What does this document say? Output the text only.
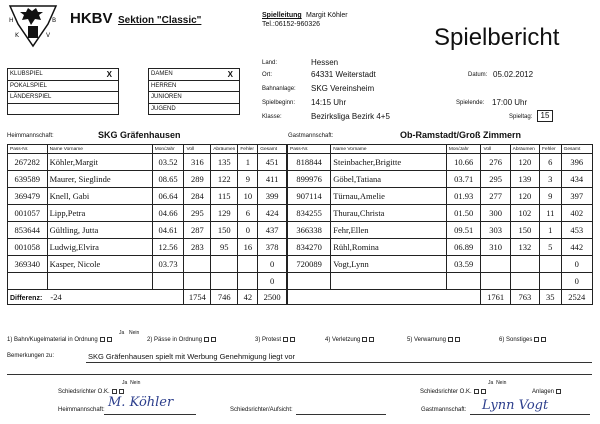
H	B
K	V
HKBV Sektion "Classic"	Spielleitung Margit Köhler
Tel.:06152-960326	Spielbericht
KLUBSPIEL	X
POKALSPIEL	
LÄNDERSPIEL	

DAMEN	X
HERREN	
JUNIOREN	
JUGEND	
Land:	Hessen
Ort:	64331 Weiterstadt	Datum: 05.02.2012
Bahnanlage: SKG Vereinsheim
Spielbeginn: 14:15 Uhr	Spielende: 17:00 Uhr
Klasse:	Bezirksliga Bezirk 4+5	Spieltag:	15
Heimmannschaft:	SKG Gräfenhausen	Gastmannschaft:	Ob-Ramstadt/Groß Zimmern
Pass-Nr.	Name Vorname	Mon/Jahr	Voll	Abräumen	Fehler	Gesamt
267282	Köhler,Margit	03.52	316	135	1	451
639589	Maurer, Sieglinde	08.65	289	122	9	411
369479	Knell, Gabi	06.64	284	115	10	399
001057	Lipp,Petra	04.66	295	129	6	424
853644	Gültling, Jutta	04.61	287	150	0	437
001058	Ludwig,Elvira	12.56	283	95	16	378
369340	Kasper, Nicole	03.73				0
						0
Differenz: -24			1754	746	42	2500
Pass-Nr.	Name Vorname	Mon/Jahr	Voll	Abräumen	Fehler	Gesamt
818844	Steinbacher,Brigitte	10.66	276	120	6	396
899976	Göbel,Tatiana	03.71	295	139	3	434
907114	Türnau,Amelie	01.93	277	120	9	397
834255	Thurau,Christa	01.50	300	102	11	402
366338	Fehr,Ellen	09.51	303	150	1	453
834270	Rühl,Romina	06.89	310	132	5	442
720089	Vogt,Lynn	03.59				0
						0
			1761	763	35	2524
Ja Nein
1) Bahn/Kugelmaterial in Ordnung	2) Pässe in Ordnung	3) Protest	4) Verletzung	5) Verwarnung	6) Sonstiges
Bemerkungen zu:	SKG Gräfenhausen spielt mit Werbung Genehmigung liegt vor
Ja Nein
Schiedsrichter O.K.
Heimmannschaft: M. Köhler	Schiedsrichter/Aufsicht:
Ja Nein
Schiedsrichter O.K.	Anlagen
Gastmannschaft: Lynn Vogt
